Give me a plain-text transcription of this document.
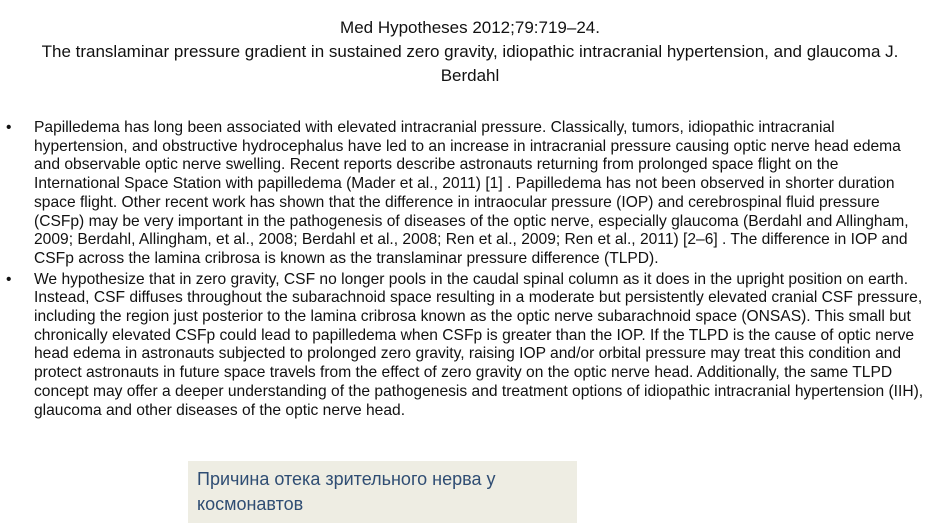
Med Hypotheses 2012;79:719–24.
The translaminar pressure gradient in sustained zero gravity, idiopathic intracranial hypertension, and glaucoma J.
Berdahl
• Papilledema has long been associated with elevated intracranial pressure. Classically, tumors, idiopathic intracranial hypertension, and obstructive hydrocephalus have led to an increase in intracranial pressure causing optic nerve head edema and observable optic nerve swelling. Recent reports describe astronauts returning from prolonged space flight on the International Space Station with papilledema (Mader et al., 2011) [1] . Papilledema has not been observed in shorter duration space flight. Other recent work has shown that the difference in intraocular pressure (IOP) and cerebrospinal fluid pressure (CSFp) may be very important in the pathogenesis of diseases of the optic nerve, especially glaucoma (Berdahl and Allingham, 2009; Berdahl, Allingham, et al., 2008; Berdahl et al., 2008; Ren et al., 2009; Ren et al., 2011) [2–6] . The difference in IOP and CSFp across the lamina cribrosa is known as the translaminar pressure difference (TLPD).
• We hypothesize that in zero gravity, CSF no longer pools in the caudal spinal column as it does in the upright position on earth. Instead, CSF diffuses throughout the subarachnoid space resulting in a moderate but persistently elevated cranial CSF pressure, including the region just posterior to the lamina cribrosa known as the optic nerve subarachnoid space (ONSAS). This small but chronically elevated CSFp could lead to papilledema when CSFp is greater than the IOP. If the TLPD is the cause of optic nerve head edema in astronauts subjected to prolonged zero gravity, raising IOP and/or orbital pressure may treat this condition and protect astronauts in future space travels from the effect of zero gravity on the optic nerve head. Additionally, the same TLPD concept may offer a deeper understanding of the pathogenesis and treatment options of idiopathic intracranial hypertension (IIH), glaucoma and other diseases of the optic nerve head.
Причина отека зрительного нерва у космонавтов
